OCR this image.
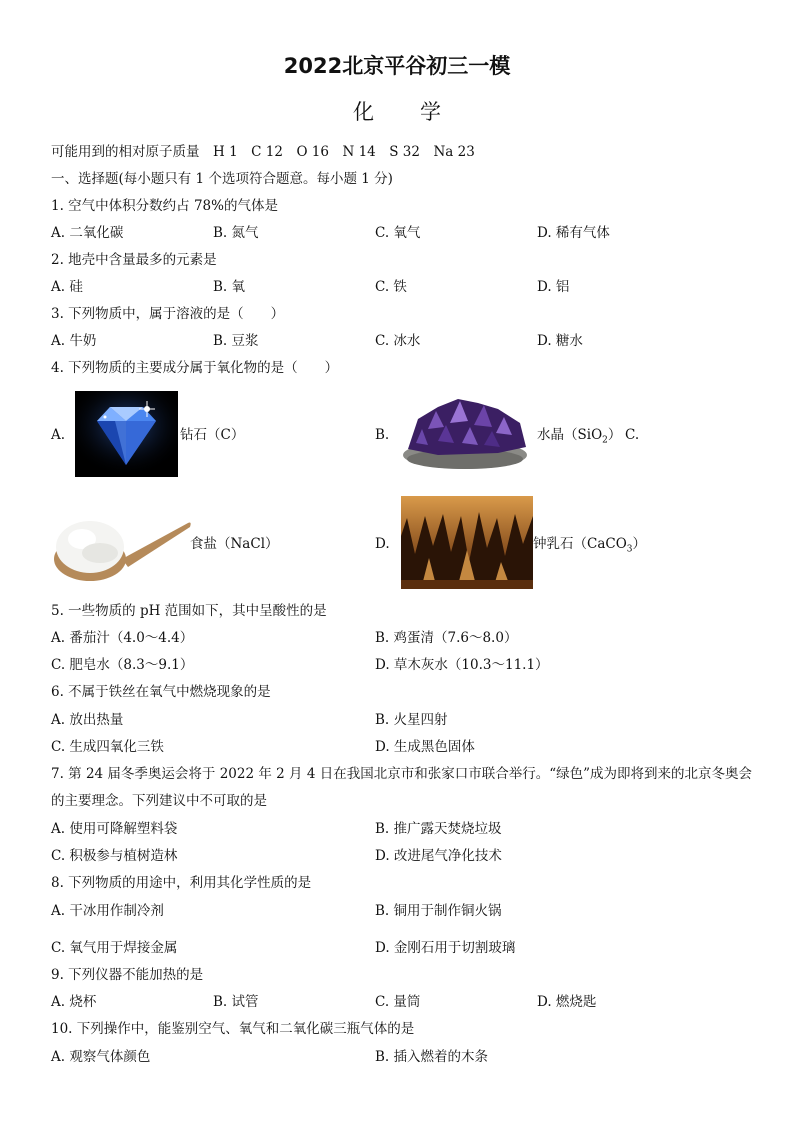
2022北京平谷初三一模
化学
可能用到的相对原子质量　H 1　C 12　O 16　N 14　S 32　Na 23
一、选择题(每小题只有 1 个选项符合题意。每小题 1 分)
1. 空气中体积分数约占 78%的气体是
A. 二氧化碳	B. 氮气	C. 氧气	D. 稀有气体
2. 地壳中含量最多的元素是
A. 硅	B. 氧	C. 铁	D. 铝
3. 下列物质中，属于溶液的是（　　）
A. 牛奶	B. 豆浆	C. 冰水	D. 糖水
4. 下列物质的主要成分属于氧化物的是（　　）
A.	钻石（C）	B.	水晶（SiO$_2$） C.
食盐（NaCl）	D.	钟乳石（CaCO$_3$）
5. 一些物质的 pH 范围如下，其中呈酸性的是
A. 番茄汁（4.0～4.4）	B. 鸡蛋清（7.6～8.0）
C. 肥皂水（8.3～9.1）	D. 草木灰水（10.3～11.1）
6. 不属于铁丝在氧气中燃烧现象的是
A. 放出热量	B. 火星四射
C. 生成四氧化三铁	D. 生成黑色固体
7. 第 24 届冬季奥运会将于 2022 年 2 月 4 日在我国北京市和张家口市联合举行。“绿色”成为即将到来的北京冬奥会
的主要理念。下列建议中不可取的是
A. 使用可降解塑料袋	B. 推广露天焚烧垃圾
C. 积极参与植树造林	D. 改进尾气净化技术
8. 下列物质的用途中，利用其化学性质的是
A. 干冰用作制冷剂	B. 铜用于制作铜火锅
C. 氧气用于焊接金属	D. 金刚石用于切割玻璃
9. 下列仪器不能加热的是
A. 烧杯	B. 试管	C. 量筒	D. 燃烧匙
10. 下列操作中，能鉴别空气、氧气和二氧化碳三瓶气体的是
A. 观察气体颜色	B. 插入燃着的木条
